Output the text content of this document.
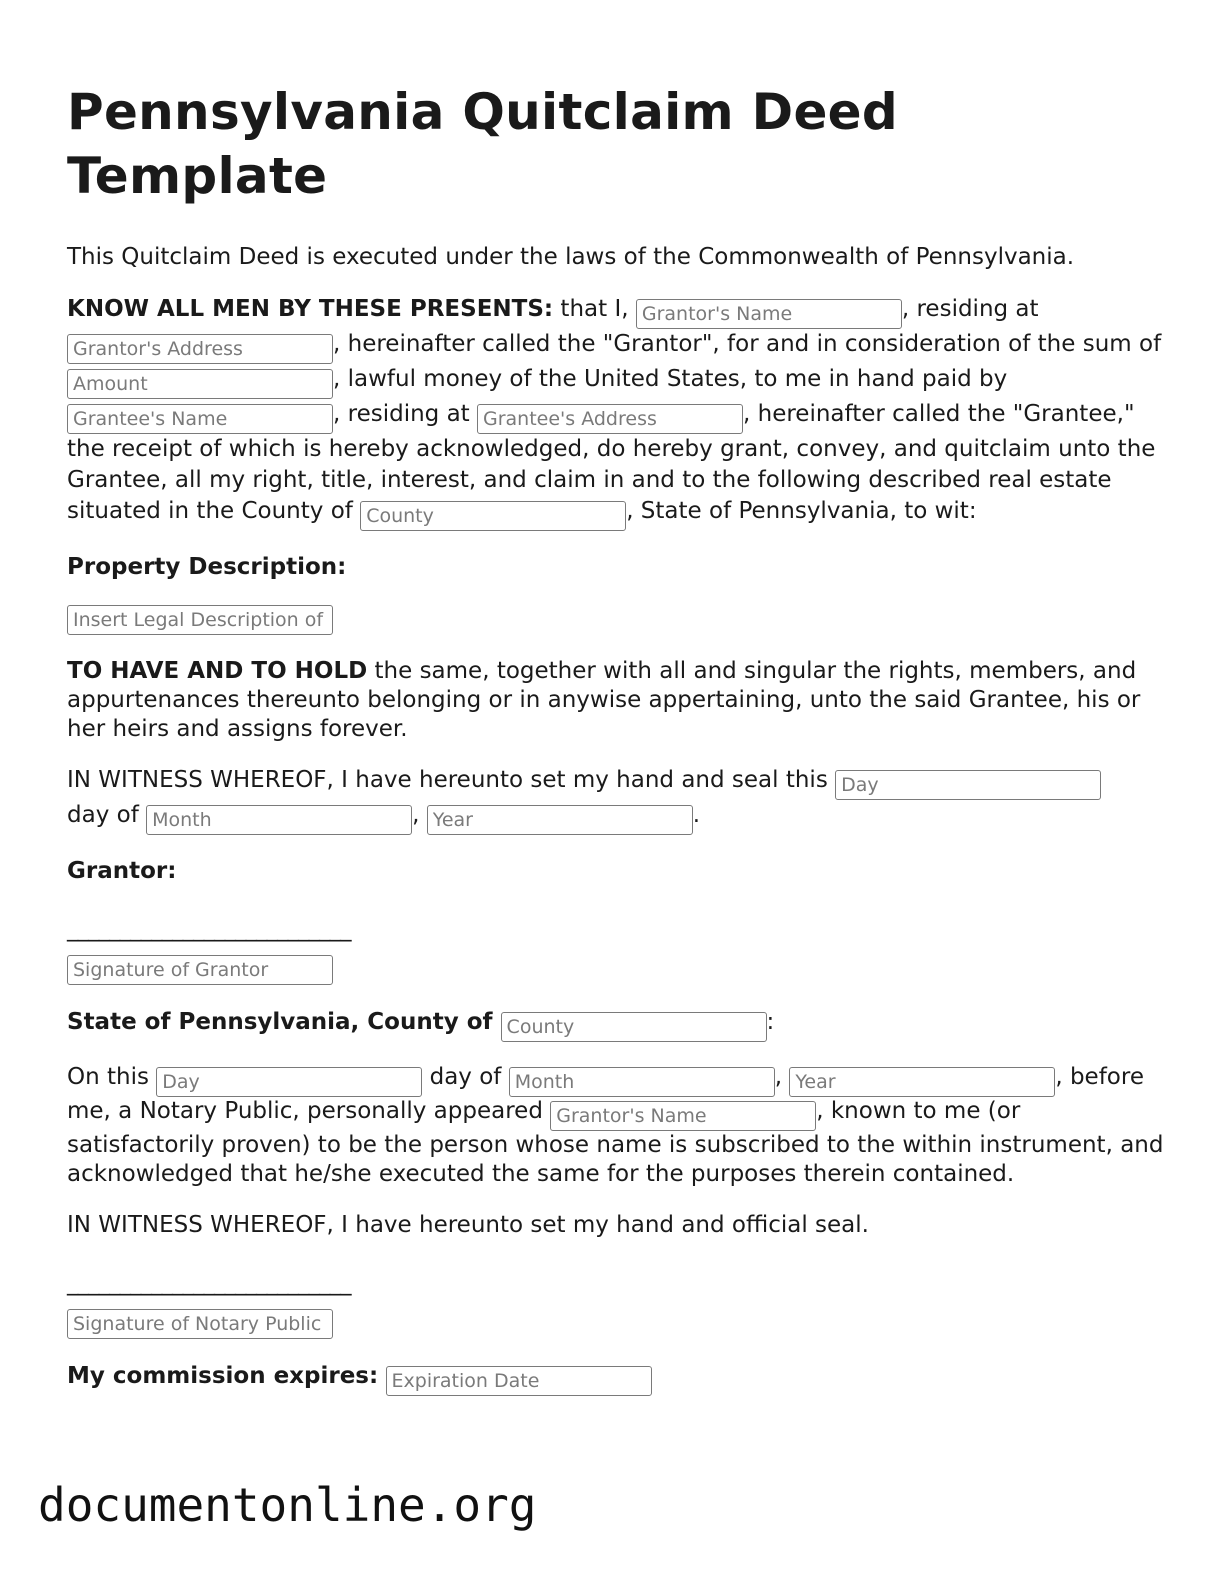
Pennsylvania Quitclaim Deed Template

This Quitclaim Deed is executed under the laws of the Commonwealth of Pennsylvania.

KNOW ALL MEN BY THESE PRESENTS: that I, Grantor's Name	, residing at
Grantor's Address, hereinafter called the "Grantor", for and in consideration of the sum of Amount, lawful money of the United States, to me in hand paid by Grantee's Name, residing at Grantee's Address	, hereinafter called the "Grantee," the receipt of which is hereby acknowledged, do hereby grant, convey, and quitclaim unto the Grantee, all my right, title, interest, and claim in and to the following described real estate situated in the County of County	, State of Pennsylvania, to wit:

Property Description:
Insert Legal Description of

TO HAVE AND TO HOLD the same, together with all and singular the rights, members, and appurtenances thereunto belonging or in anywise appertaining, unto the said Grantee, his or her heirs and assigns forever.

IN WITNESS WHEREOF, I have hereunto set my hand and seal this Day
day of Month	, Year	.

Grantor:
___________________________
Signature of Grantor

State of Pennsylvania, County of County	:

On this Day	day of Month	, Year	, before me, a Notary Public, personally appeared Grantor's Name	, known to me (or satisfactorily proven) to be the person whose name is subscribed to the within instrument, and acknowledged that he/she executed the same for the purposes therein contained.

IN WITNESS WHEREOF, I have hereunto set my hand and official seal.

___________________________
Signature of Notary Public

My commission expires: Expiration Date

documentonline.org
